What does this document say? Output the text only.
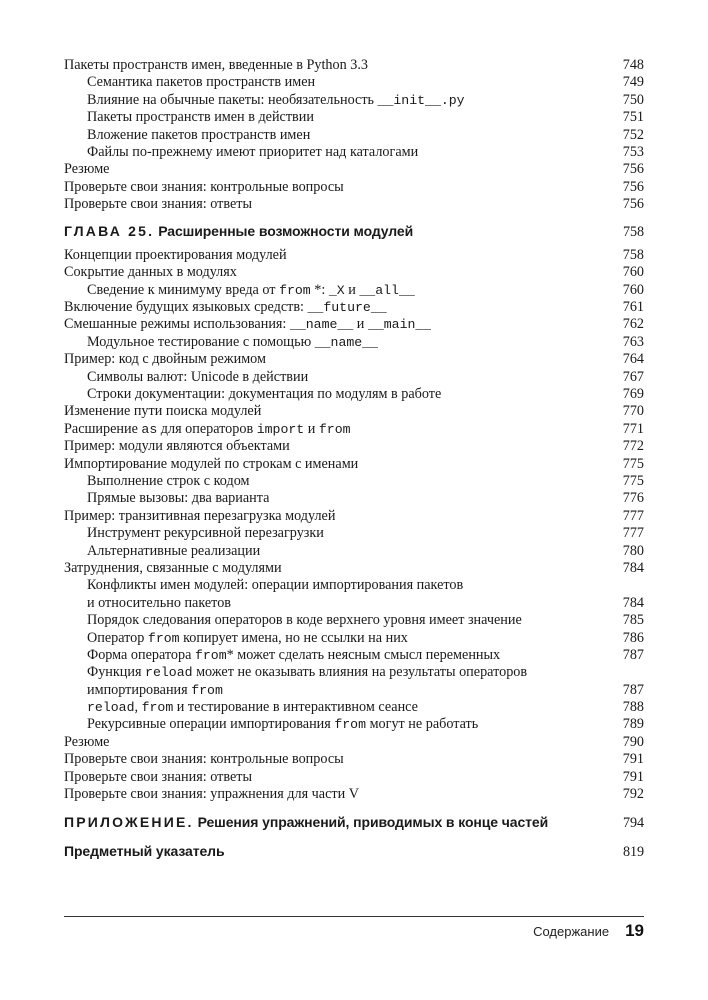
Пакеты пространств имен, введенные в Python 3.3	748
Семантика пакетов пространств имен	749
Влияние на обычные пакеты: необязательность __init__.py	750
Пакеты пространств имен в действии	751
Вложение пакетов пространств имен	752
Файлы по-прежнему имеют приоритет над каталогами	753
Резюме	756
Проверьте свои знания: контрольные вопросы	756
Проверьте свои знания: ответы	756
ГЛАВА 25. Расширенные возможности модулей	758
Концепции проектирования модулей	758
Сокрытие данных в модулях	760
Сведение к минимуму вреда от from *: _X и __all__	760
Включение будущих языковых средств: __future__	761
Смешанные режимы использования: __name__ и __main__	762
Модульное тестирование с помощью __name__	763
Пример: код с двойным режимом	764
Символы валют: Unicode в действии	767
Строки документации: документация по модулям в работе	769
Изменение пути поиска модулей	770
Расширение as для операторов import и from	771
Пример: модули являются объектами	772
Импортирование модулей по строкам с именами	775
Выполнение строк с кодом	775
Прямые вызовы: два варианта	776
Пример: транзитивная перезагрузка модулей	777
Инструмент рекурсивной перезагрузки	777
Альтернативные реализации	780
Затруднения, связанные с модулями	784
Конфликты имен модулей: операции импортирования пакетов
и относительно пакетов	784
Порядок следования операторов в коде верхнего уровня имеет значение	785
Оператор from копирует имена, но не ссылки на них	786
Форма оператора from* может сделать неясным смысл переменных	787
Функция reload может не оказывать влияния на результаты операторов
импортирования from	787
reload, from и тестирование в интерактивном сеансе	788
Рекурсивные операции импортирования from могут не работать	789
Резюме	790
Проверьте свои знания: контрольные вопросы	791
Проверьте свои знания: ответы	791
Проверьте свои знания: упражнения для части V	792
ПРИЛОЖЕНИЕ. Решения упражнений, приводимых в конце частей	794
Предметный указатель	819
Содержание 19
